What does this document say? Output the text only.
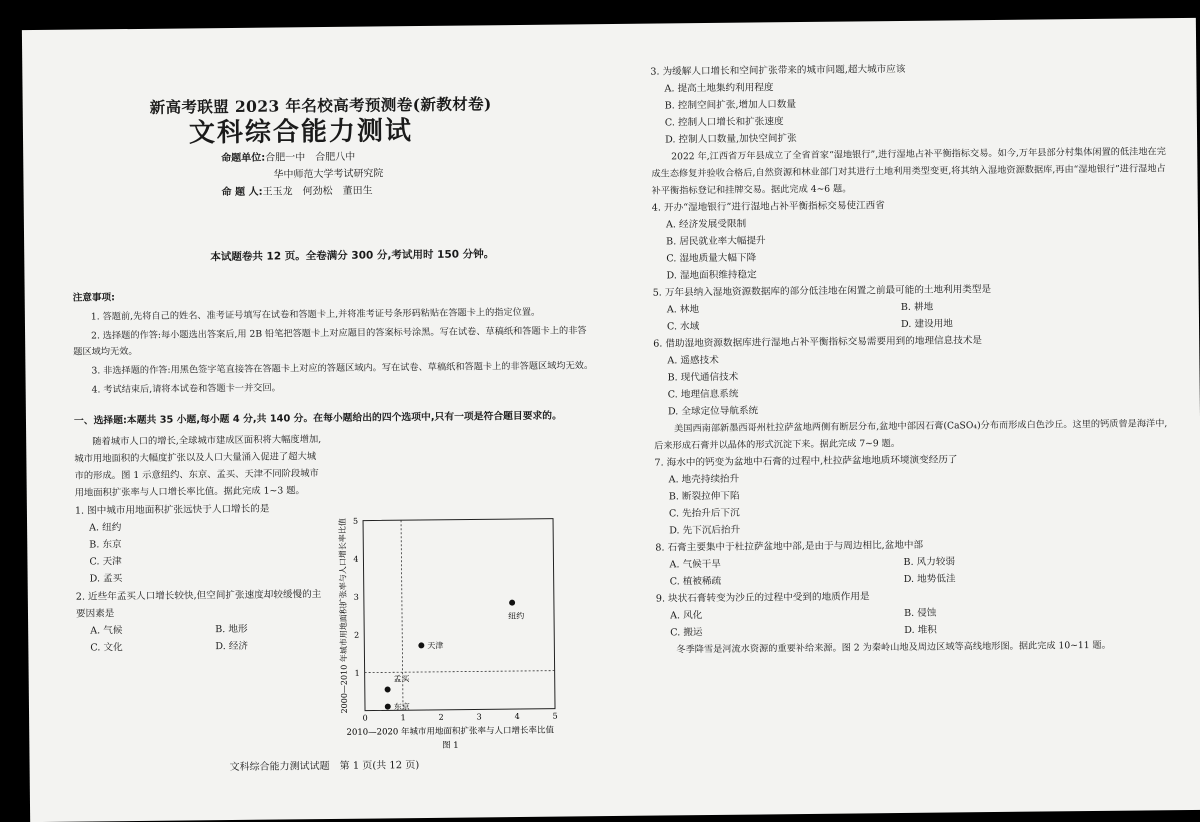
新高考联盟 2023 年名校高考预测卷(新教材卷)
文科综合能力测试
命题单位:合肥一中　合肥八中
华中师范大学考试研究院
命 题 人:王玉龙　何劲松　董田生
本试题卷共 12 页。全卷满分 300 分,考试用时 150 分钟。
注意事项:
1. 答题前,先将自己的姓名、准考证号填写在试卷和答题卡上,并将准考证号条形码粘贴在答题卡上的指定位置。
2. 选择题的作答:每小题选出答案后,用 2B 铅笔把答题卡上对应题目的答案标号涂黑。写在试卷、草稿纸和答题卡上的非答题区域均无效。
3. 非选择题的作答:用黑色签字笔直接答在答题卡上对应的答题区域内。写在试卷、草稿纸和答题卡上的非答题区域均无效。
4. 考试结束后,请将本试卷和答题卡一并交回。
一、选择题:本题共 35 小题,每小题 4 分,共 140 分。在每小题给出的四个选项中,只有一项是符合题目要求的。
随着城市人口的增长,全球城市建成区面积将大幅度增加,城市用地面积的大幅度扩张以及人口大量涌入促进了超大城市的形成。图 1 示意纽约、东京、孟买、天津不同阶段城市用地面积扩张率与人口增长率比值。据此完成 1~3 题。
1. 图中城市用地面积扩张远快于人口增长的是
A. 纽约
B. 东京
C. 天津
D. 孟买
2. 近些年孟买人口增长较快,但空间扩张速度却较缓慢的主要因素是
A. 气候	B. 地形
C. 文化	D. 经济
0	1	2	3	4	5
1
2
3
4
5
纽约
天津
孟买
东京
2010—2020 年城市用地面积扩张率与人口增长率比值
图 1
2000—2010 年城市用地面积扩张率与人口增长率比值
文科综合能力测试试题　第 1 页(共 12 页)
3. 为缓解人口增长和空间扩张带来的城市问题,超大城市应该
A. 提高土地集约利用程度
B. 控制空间扩张,增加人口数量
C. 控制人口增长和扩张速度
D. 控制人口数量,加快空间扩张
2022 年,江西省万年县成立了全省首家“湿地银行”,进行湿地占补平衡指标交易。如今,万年县部分村集体闲置的低洼地在完成生态修复并验收合格后,自然资源和林业部门对其进行土地利用类型变更,将其纳入湿地资源数据库,再由“湿地银行”进行湿地占补平衡指标登记和挂牌交易。据此完成 4~6 题。
4. 开办“湿地银行”进行湿地占补平衡指标交易使江西省
A. 经济发展受限制
B. 居民就业率大幅提升
C. 湿地质量大幅下降
D. 湿地面积维持稳定
5. 万年县纳入湿地资源数据库的部分低洼地在闲置之前最可能的土地利用类型是
A. 林地	B. 耕地
C. 水域	D. 建设用地
6. 借助湿地资源数据库进行湿地占补平衡指标交易需要用到的地理信息技术是
A. 遥感技术
B. 现代通信技术
C. 地理信息系统
D. 全球定位导航系统
美国西南部新墨西哥州杜拉萨盆地两侧有断层分布,盆地中部因石膏(CaSO₄)分布而形成白色沙丘。这里的钙质曾是海洋中,后来形成石膏并以晶体的形式沉淀下来。据此完成 7~9 题。
7. 海水中的钙变为盆地中石膏的过程中,杜拉萨盆地地质环境演变经历了
A. 地壳持续抬升
B. 断裂拉伸下陷
C. 先抬升后下沉
D. 先下沉后抬升
8. 石膏主要集中于杜拉萨盆地中部,是由于与周边相比,盆地中部
A. 气候干旱	B. 风力较弱
C. 植被稀疏	D. 地势低洼
9. 块状石膏转变为沙丘的过程中受到的地质作用是
A. 风化	B. 侵蚀
C. 搬运	D. 堆积
冬季降雪是河流水资源的重要补给来源。图 2 为秦岭山地及周边区域等高线地形图。据此完成 10~11 题。
